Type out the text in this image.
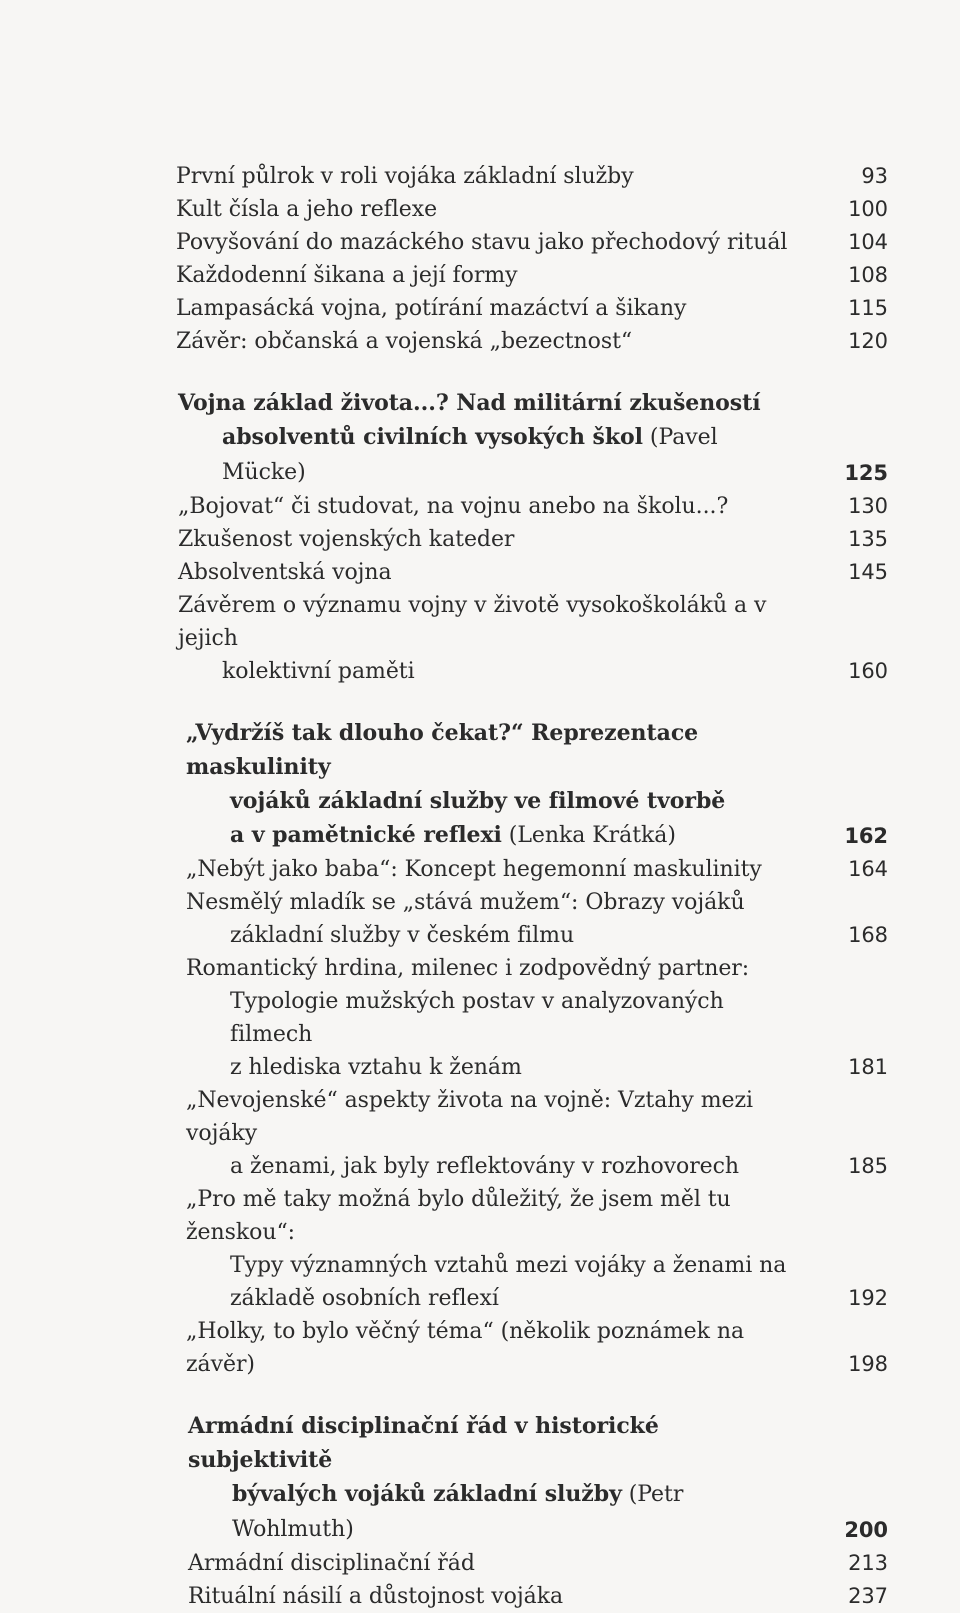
První půlrok v roli vojáka základní služby	93
Kult čísla a jeho reflexe	100
Povyšování do mazáckého stavu jako přechodový rituál	104
Každodenní šikana a její formy	108
Lampasácká vojna, potírání mazáctví a šikany	115
Závěr: občanská a vojenská „bezectnost“	120
Vojna základ života...? Nad militární zkušeností
absolventů civilních vysokých škol (Pavel Mücke)	125
„Bojovat“ či studovat, na vojnu anebo na školu...?	130
Zkušenost vojenských kateder	135
Absolventská vojna	145
Závěrem o významu vojny v životě vysokoškoláků a v jejich
kolektivní paměti	160
„Vydržíš tak dlouho čekat?“ Reprezentace maskulinity
vojáků základní služby ve filmové tvorbě
a v pamětnické reflexi (Lenka Krátká)	162
„Nebýt jako baba“: Koncept hegemonní maskulinity	164
Nesmělý mladík se „stává mužem“: Obrazy vojáků
základní služby v českém filmu	168
Romantický hrdina, milenec i zodpovědný partner:
Typologie mužských postav v analyzovaných filmech
z hlediska vztahu k ženám	181
„Nevojenské“ aspekty života na vojně: Vztahy mezi vojáky
a ženami, jak byly reflektovány v rozhovorech	185
„Pro mě taky možná bylo důležitý, že jsem měl tu ženskou“:
Typy významných vztahů mezi vojáky a ženami na
základě osobních reflexí	192
„Holky, to bylo věčný téma“ (několik poznámek na závěr)	198
Armádní disciplinační řád v historické subjektivitě
bývalých vojáků základní služby (Petr Wohlmuth)	200
Armádní disciplinační řád	213
Rituální násilí a důstojnost vojáka	237
